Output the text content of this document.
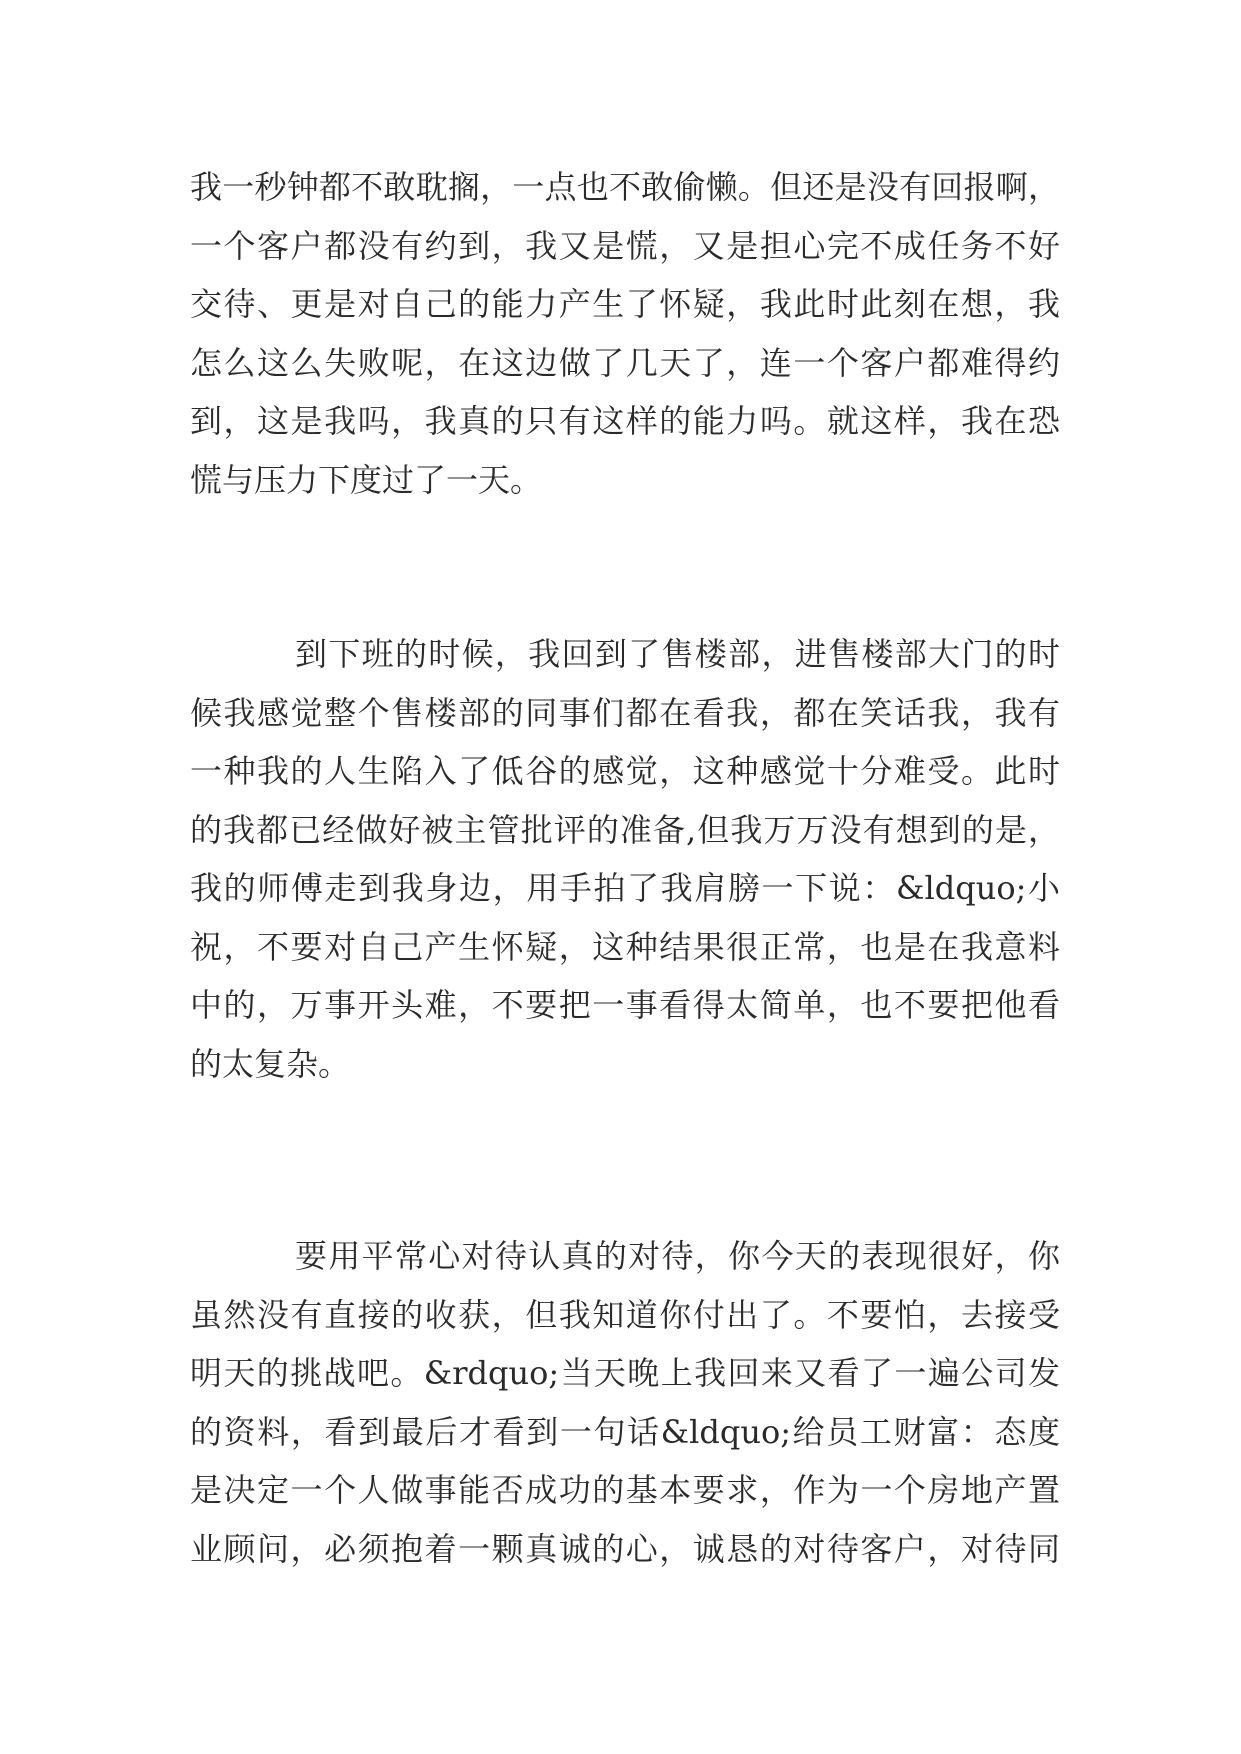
我一秒钟都不敢耽搁，一点也不敢偷懒。但还是没有回报啊，
一个客户都没有约到，我又是慌，又是担心完不成任务不好
交待、更是对自己的能力产生了怀疑，我此时此刻在想，我
怎么这么失败呢，在这边做了几天了，连一个客户都难得约
到，这是我吗，我真的只有这样的能力吗。就这样，我在恐
慌与压力下度过了一天。
到下班的时候，我回到了售楼部，进售楼部大门的时
候我感觉整个售楼部的同事们都在看我，都在笑话我，我有
一种我的人生陷入了低谷的感觉，这种感觉十分难受。此时
的我都已经做好被主管批评的准备,但我万万没有想到的是，
我的师傅走到我身边，用手拍了我肩膀一下说：&ldquo;小
祝，不要对自己产生怀疑，这种结果很正常，也是在我意料
中的，万事开头难，不要把一事看得太简单，也不要把他看
的太复杂。
要用平常心对待认真的对待，你今天的表现很好，你
虽然没有直接的收获，但我知道你付出了。不要怕，去接受
明天的挑战吧。&rdquo;当天晚上我回来又看了一遍公司发
的资料，看到最后才看到一句话&ldquo;给员工财富：态度
是决定一个人做事能否成功的基本要求，作为一个房地产置
业顾问，必须抱着一颗真诚的心，诚恳的对待客户，对待同
